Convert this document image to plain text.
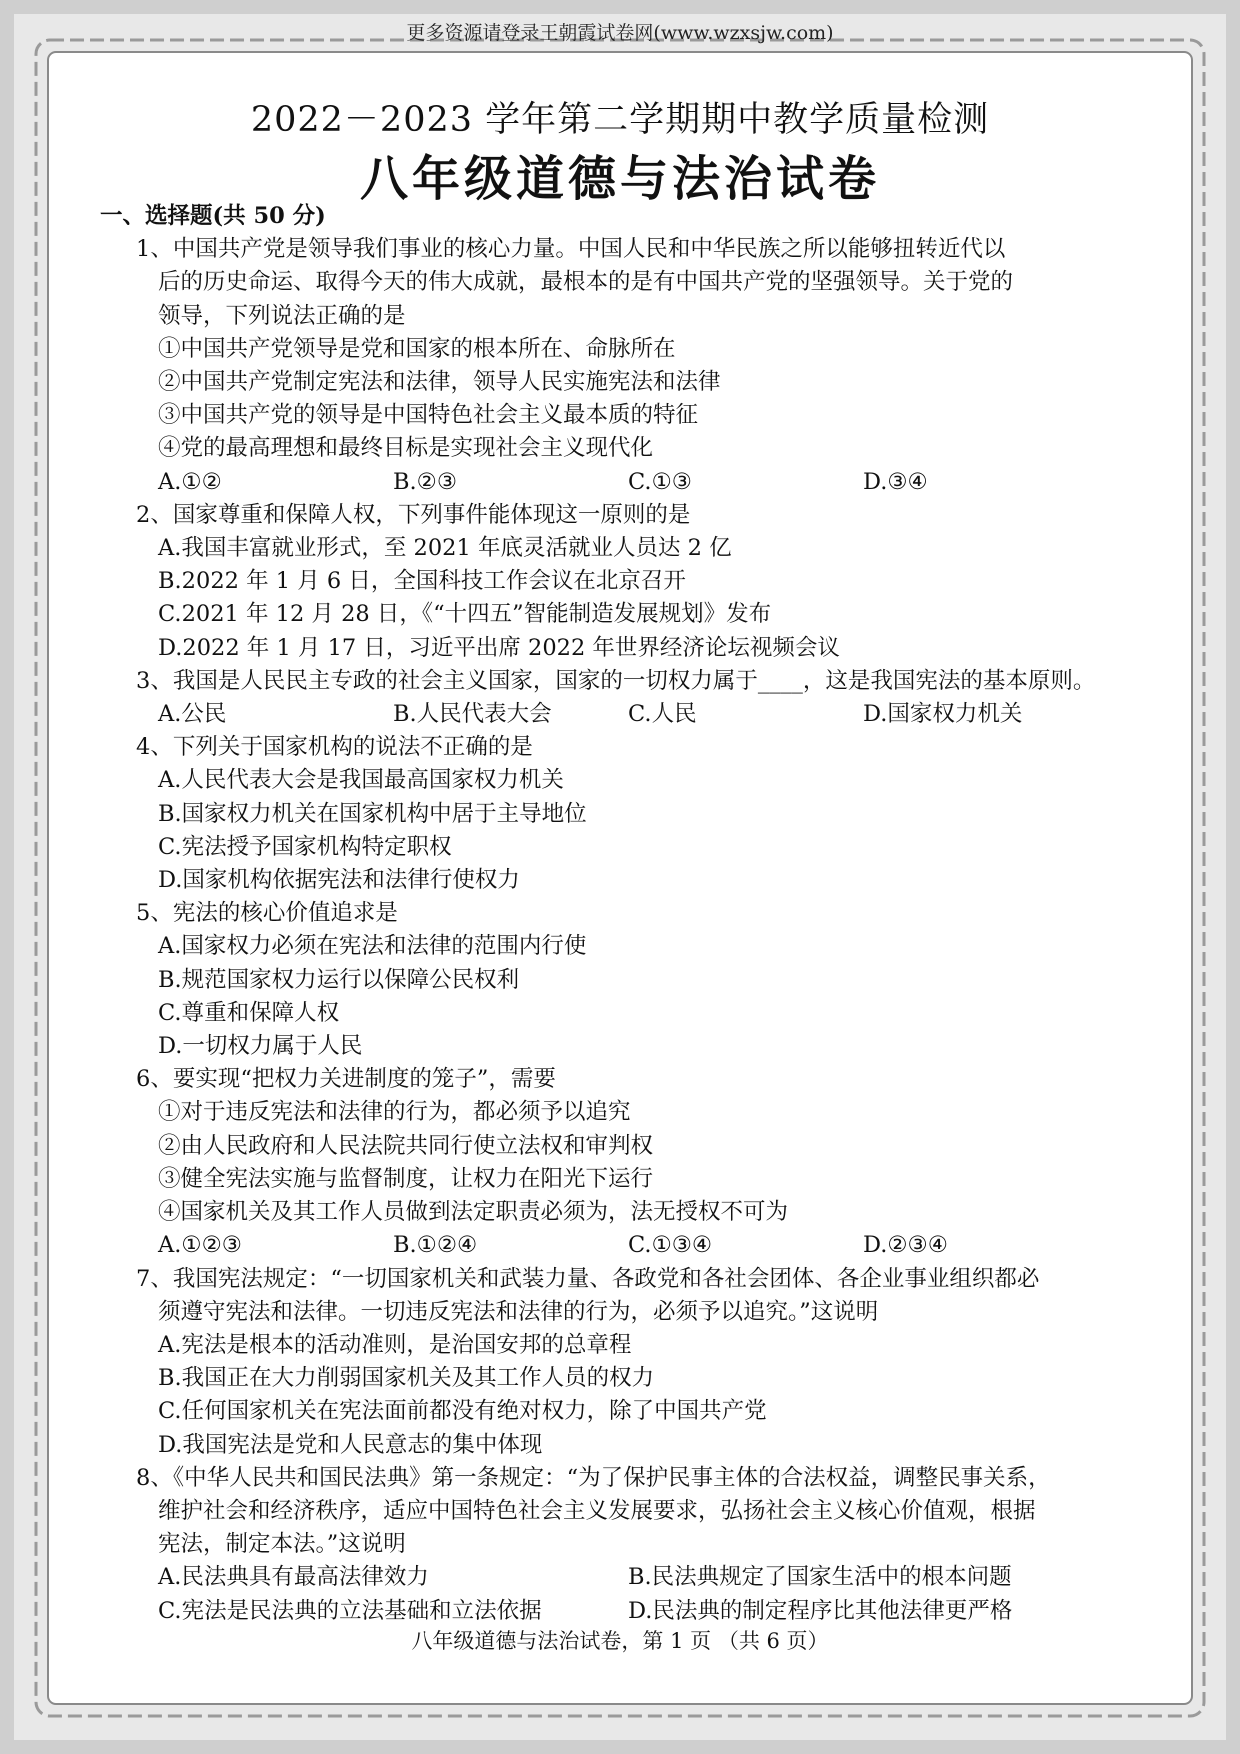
更多资源请登录王朝霞试卷网(www.wzxsjw.com)
2022－2023 学年第二学期期中教学质量检测
八年级道德与法治试卷
一、选择题(共 50 分)
1、中国共产党是领导我们事业的核心力量。中国人民和中华民族之所以能够扭转近代以
后的历史命运、取得今天的伟大成就，最根本的是有中国共产党的坚强领导。关于党的
领导，下列说法正确的是
①中国共产党领导是党和国家的根本所在、命脉所在
②中国共产党制定宪法和法律，领导人民实施宪法和法律
③中国共产党的领导是中国特色社会主义最本质的特征
④党的最高理想和最终目标是实现社会主义现代化
A.①②	B.②③	C.①③	D.③④
2、国家尊重和保障人权，下列事件能体现这一原则的是
A.我国丰富就业形式，至 2021 年底灵活就业人员达 2 亿
B.2022 年 1 月 6 日，全国科技工作会议在北京召开
C.2021 年 12 月 28 日，《“十四五”智能制造发展规划》发布
D.2022 年 1 月 17 日，习近平出席 2022 年世界经济论坛视频会议
3、我国是人民民主专政的社会主义国家，国家的一切权力属于____，这是我国宪法的基本原则。
A.公民	B.人民代表大会	C.人民	D.国家权力机关
4、下列关于国家机构的说法不正确的是
A.人民代表大会是我国最高国家权力机关
B.国家权力机关在国家机构中居于主导地位
C.宪法授予国家机构特定职权
D.国家机构依据宪法和法律行使权力
5、宪法的核心价值追求是
A.国家权力必须在宪法和法律的范围内行使
B.规范国家权力运行以保障公民权利
C.尊重和保障人权
D.一切权力属于人民
6、要实现“把权力关进制度的笼子”，需要
①对于违反宪法和法律的行为，都必须予以追究
②由人民政府和人民法院共同行使立法权和审判权
③健全宪法实施与监督制度，让权力在阳光下运行
④国家机关及其工作人员做到法定职责必须为，法无授权不可为
A.①②③	B.①②④	C.①③④	D.②③④
7、我国宪法规定：“一切国家机关和武装力量、各政党和各社会团体、各企业事业组织都必
须遵守宪法和法律。一切违反宪法和法律的行为，必须予以追究。”这说明
A.宪法是根本的活动准则，是治国安邦的总章程
B.我国正在大力削弱国家机关及其工作人员的权力
C.任何国家机关在宪法面前都没有绝对权力，除了中国共产党
D.我国宪法是党和人民意志的集中体现
8、《中华人民共和国民法典》第一条规定：“为了保护民事主体的合法权益，调整民事关系，
维护社会和经济秩序，适应中国特色社会主义发展要求，弘扬社会主义核心价值观，根据
宪法，制定本法。”这说明
A.民法典具有最高法律效力	B.民法典规定了国家生活中的根本问题
C.宪法是民法典的立法基础和立法依据	D.民法典的制定程序比其他法律更严格
八年级道德与法治试卷，第 1 页 （共 6 页）
